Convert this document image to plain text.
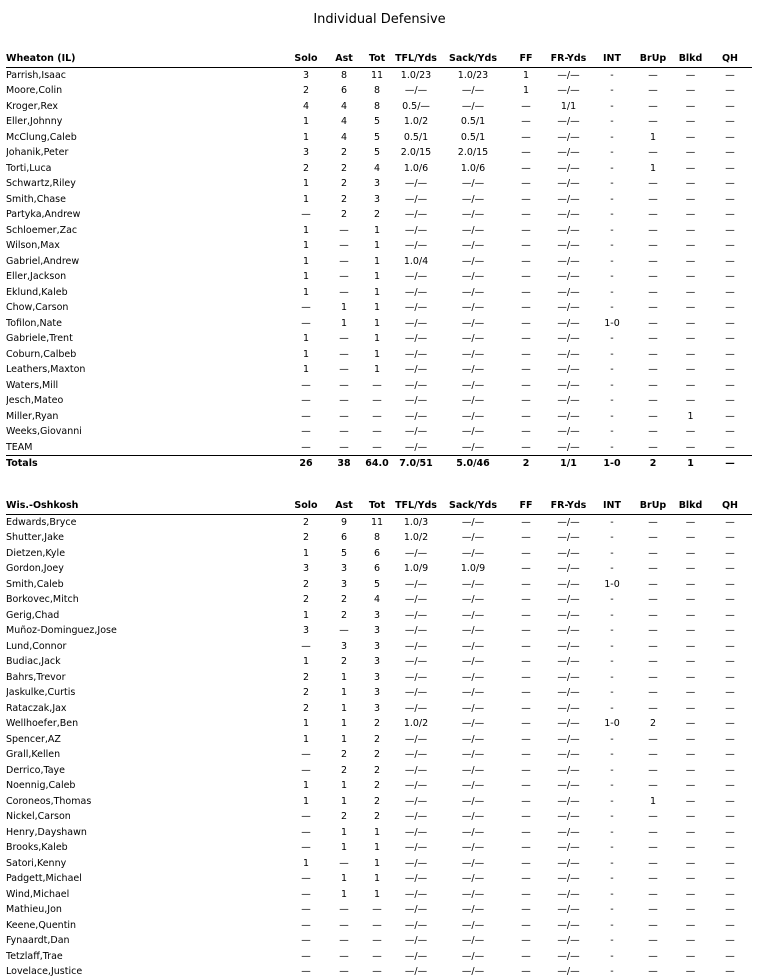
Individual Defensive
Wheaton (IL)	Solo	Ast	Tot	TFL/Yds	Sack/Yds	FF	FR-Yds	INT	BrUp	Blkd	QH
Parrish,Isaac	3	8	11	1.0/23	1.0/23	1	—/—	-	—	—	—
Moore,Colin	2	6	8	—/—	—/—	1	—/—	-	—	—	—
Kroger,Rex	4	4	8	0.5/—	—/—	—	1/1	-	—	—	—
Eller,Johnny	1	4	5	1.0/2	0.5/1	—	—/—	-	—	—	—
McClung,Caleb	1	4	5	0.5/1	0.5/1	—	—/—	-	1	—	—
Johanik,Peter	3	2	5	2.0/15	2.0/15	—	—/—	-	—	—	—
Torti,Luca	2	2	4	1.0/6	1.0/6	—	—/—	-	1	—	—
Schwartz,Riley	1	2	3	—/—	—/—	—	—/—	-	—	—	—
Smith,Chase	1	2	3	—/—	—/—	—	—/—	-	—	—	—
Partyka,Andrew	—	2	2	—/—	—/—	—	—/—	-	—	—	—
Schloemer,Zac	1	—	1	—/—	—/—	—	—/—	-	—	—	—
Wilson,Max	1	—	1	—/—	—/—	—	—/—	-	—	—	—
Gabriel,Andrew	1	—	1	1.0/4	—/—	—	—/—	-	—	—	—
Eller,Jackson	1	—	1	—/—	—/—	—	—/—	-	—	—	—
Eklund,Kaleb	1	—	1	—/—	—/—	—	—/—	-	—	—	—
Chow,Carson	—	1	1	—/—	—/—	—	—/—	-	—	—	—
Tofilon,Nate	—	1	1	—/—	—/—	—	—/—	1-0	—	—	—
Gabriele,Trent	1	—	1	—/—	—/—	—	—/—	-	—	—	—
Coburn,Calbeb	1	—	1	—/—	—/—	—	—/—	-	—	—	—
Leathers,Maxton	1	—	1	—/—	—/—	—	—/—	-	—	—	—
Waters,Mill	—	—	—	—/—	—/—	—	—/—	-	—	—	—
Jesch,Mateo	—	—	—	—/—	—/—	—	—/—	-	—	—	—
Miller,Ryan	—	—	—	—/—	—/—	—	—/—	-	—	1	—
Weeks,Giovanni	—	—	—	—/—	—/—	—	—/—	-	—	—	—
TEAM	—	—	—	—/—	—/—	—	—/—	-	—	—	—
Totals	26	38	64.0	7.0/51	5.0/46	2	1/1	1-0	2	1	—
Wis.-Oshkosh	Solo	Ast	Tot	TFL/Yds	Sack/Yds	FF	FR-Yds	INT	BrUp	Blkd	QH
Edwards,Bryce	2	9	11	1.0/3	—/—	—	—/—	-	—	—	—
Shutter,Jake	2	6	8	1.0/2	—/—	—	—/—	-	—	—	—
Dietzen,Kyle	1	5	6	—/—	—/—	—	—/—	-	—	—	—
Gordon,Joey	3	3	6	1.0/9	1.0/9	—	—/—	-	—	—	—
Smith,Caleb	2	3	5	—/—	—/—	—	—/—	1-0	—	—	—
Borkovec,Mitch	2	2	4	—/—	—/—	—	—/—	-	—	—	—
Gerig,Chad	1	2	3	—/—	—/—	—	—/—	-	—	—	—
Muñoz-Dominguez,Jose	3	—	3	—/—	—/—	—	—/—	-	—	—	—
Lund,Connor	—	3	3	—/—	—/—	—	—/—	-	—	—	—
Budiac,Jack	1	2	3	—/—	—/—	—	—/—	-	—	—	—
Bahrs,Trevor	2	1	3	—/—	—/—	—	—/—	-	—	—	—
Jaskulke,Curtis	2	1	3	—/—	—/—	—	—/—	-	—	—	—
Rataczak,Jax	2	1	3	—/—	—/—	—	—/—	-	—	—	—
Wellhoefer,Ben	1	1	2	1.0/2	—/—	—	—/—	1-0	2	—	—
Spencer,AZ	1	1	2	—/—	—/—	—	—/—	-	—	—	—
Grall,Kellen	—	2	2	—/—	—/—	—	—/—	-	—	—	—
Derrico,Taye	—	2	2	—/—	—/—	—	—/—	-	—	—	—
Noennig,Caleb	1	1	2	—/—	—/—	—	—/—	-	—	—	—
Coroneos,Thomas	1	1	2	—/—	—/—	—	—/—	-	1	—	—
Nickel,Carson	—	2	2	—/—	—/—	—	—/—	-	—	—	—
Henry,Dayshawn	—	1	1	—/—	—/—	—	—/—	-	—	—	—
Brooks,Kaleb	—	1	1	—/—	—/—	—	—/—	-	—	—	—
Satori,Kenny	1	—	1	—/—	—/—	—	—/—	-	—	—	—
Padgett,Michael	—	1	1	—/—	—/—	—	—/—	-	—	—	—
Wind,Michael	—	1	1	—/—	—/—	—	—/—	-	—	—	—
Mathieu,Jon	—	—	—	—/—	—/—	—	—/—	-	—	—	—
Keene,Quentin	—	—	—	—/—	—/—	—	—/—	-	—	—	—
Fynaardt,Dan	—	—	—	—/—	—/—	—	—/—	-	—	—	—
Tetzlaff,Trae	—	—	—	—/—	—/—	—	—/—	-	—	—	—
Lovelace,Justice	—	—	—	—/—	—/—	—	—/—	-	—	—	—
